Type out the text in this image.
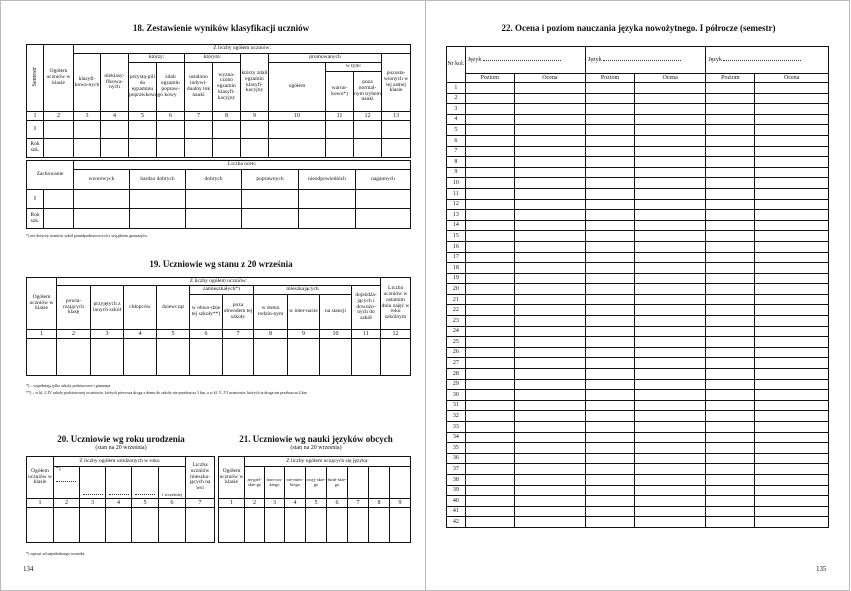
18. Zestawienie wyników klasyfikacji uczniów
Semestr	Ogółem uczniów w klasie	Z liczby ogółem uczniów:										
		klasyfi-kowa-nych	nieklasy-fikowa-nych	którzy:		którym:		którzy zdali egzamin klasyfi-kacyjny	promowanych			pozosta-wionych w tej samej klasie
				przystą-pili do egzaminu poprawkowego	zdali egzamin popraw-kowy	ustalono indywi-dualny tok nauki	wyzna-czono egzamin klasyfi-kacyjny		ogółem	w tym:		
										warun-kowo*)	poza normal-nym trybem nauki	
1	2	3	4	5	6	7	8	9	10	11	12	13
I												
Rok szk.												
Zachowanie		Liczba ocen:					
		wzorowych	bardzo dobrych	dobrych	poprawnych	nieodpowiednich	nagannych
I							
Rok szk.							
*) nie dotyczy uczniów szkół ponadpodstawowych z wyjątkiem gimnazjów
19. Uczniowie wg stanu z 20 września
Ogółem uczniów w klasie	Z liczby ogółem uczniów:										Liczba uczniów w ostatnim dniu zajęć w roku szkolnym
	powta-rzających klasę	przyjętych z innych szkół	chłopców	dziewcząt	zamieszkałych*)		mieszkających			dojeżdża-jących i dowożo-nych do szkół	
					w obwo-dzie tej szkoły**)	poza obwodem tej szkoły	w domu rodzin-nym	w inter-nacie	na stancji		
1	2	3	4	5	6	7	8	9	10	11	12

*) – wypełniają tylko szkoły podstawowe i gimnazja
**) – w kl. I–IV szkoły podstawowej uczniowie, których pierwsza droga z domu do szkoły nie przekracza 3 km, a w kl. V–VI uczniowie, których ta droga nie przekracza 4 km
20. Uczniowie wg roku urodzenia
(stan na 20 września)
Ogółem uczniów w klasie	Z liczby ogółem urodzonych w roku					Liczba uczniów mieszka-jących na wsi
	*)				i wcześniej	
1	2	3	4	5	6	7

*) wpisać od najmłodszego rocznika
21. Uczniowie wg nauki języków obcych
(stan na 20 września)
Ogółem uczniów w klasie	Z liczby ogółem uczących się języka:							
	an-giel-skie-go	fran-cus-kiego	nie-miec-kiego	rosyj-skie-go	łaciń-skie-go			
1	2	3	4	5	6	7	8	9

134
22. Ocena i poziom nauczania języka nowożytnego. I półrocze (semestr)
Nr kol.	Język		Język		Język	
	Poziom	Ocena	Poziom	Ocena	Poziom	Ocena
1						
2						
3						
4						
5						
6						
7						
8						
9						
10						
11						
12						
13						
14						
15						
16						
17						
18						
19						
20						
21						
22						
23						
24						
25						
26						
27						
28						
29						
30						
31						
32						
33						
34						
35						
36						
37						
38						
39						
40						
41						
42						
135
